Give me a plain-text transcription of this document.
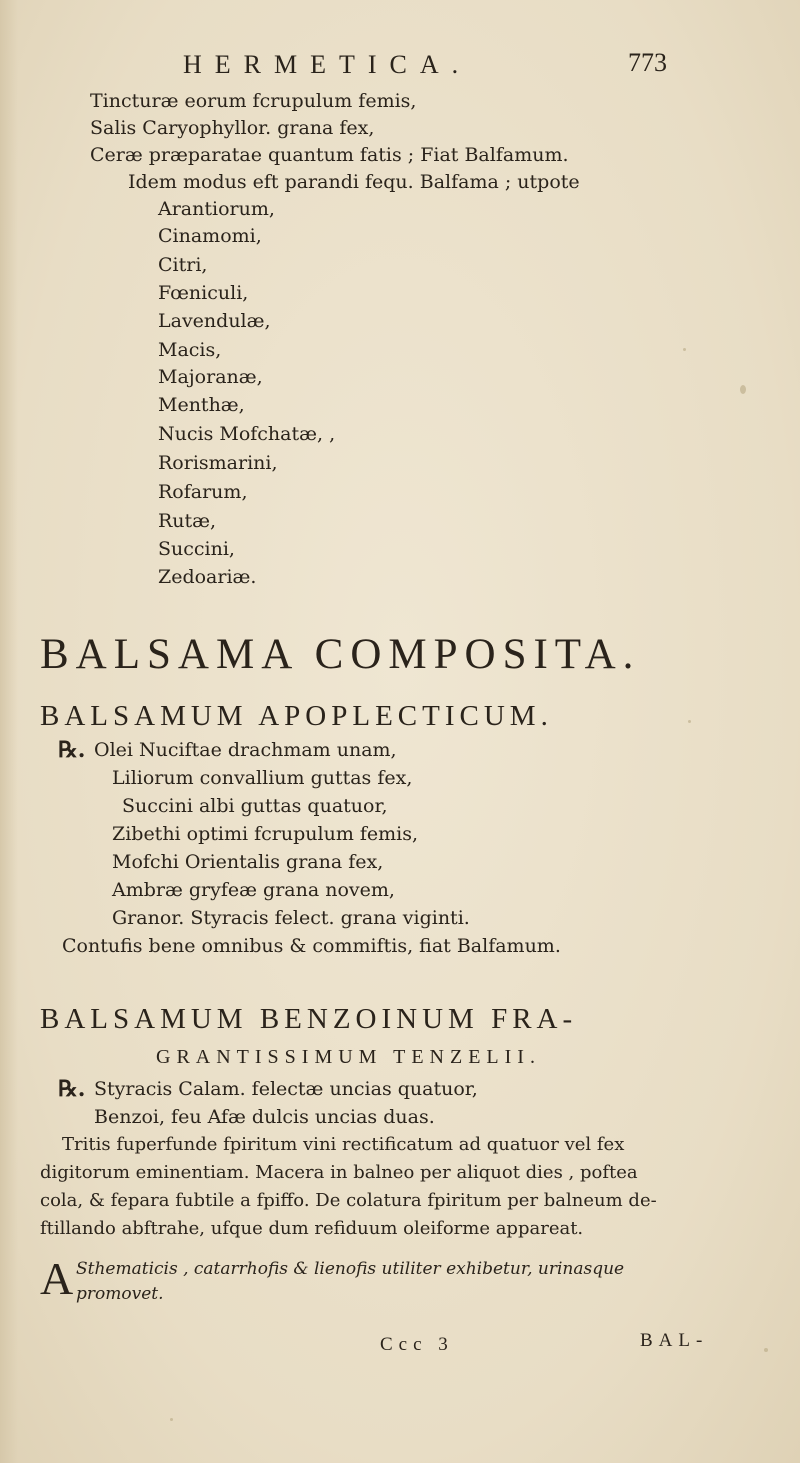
HERMETICA.	773
Tincturæ eorum fcrupulum femis,
Salis Caryophyllor. grana fex,
Ceræ præparatae quantum fatis ; Fiat Balfamum.
Idem modus eft parandi fequ. Balfama ; utpote
Arantiorum,
Cinamomi,
Citri,
Fœniculi,
Lavendulæ,
Macis,
Majoranæ,
Menthæ,
Nucis Mofchatæ, ,
Rorismarini,
Rofarum,
Rutæ,
Succini,
Zedoariæ.
BALSAMA COMPOSITA.
BALSAMUM APOPLECTICUM.
℞. Olei Nuciftae drachmam unam,
Liliorum convallium guttas fex,
Succini albi guttas quatuor,
Zibethi optimi fcrupulum femis,
Mofchi Orientalis grana fex,
Ambræ gryfeæ grana novem,
Granor. Styracis felect. grana viginti.
Contufis bene omnibus & commiftis, fiat Balfamum.
BALSAMUM BENZOINUM FRA-
GRANTISSIMUM TENZELII.
℞. Styracis Calam. felectæ uncias quatuor,
Benzoi, feu Afæ dulcis uncias duas.
Tritis fuperfunde fpiritum vini rectificatum ad quatuor vel fex
digitorum eminentiam. Macera in balneo per aliquot dies , poftea
cola, & fepara fubtile a fpiffo. De colatura fpiritum per balneum de-
ftillando abftrahe, ufque dum refiduum oleiforme appareat.
A Sthematicis , catarrhofis & lienofis utiliter exhibetur, urinasque
promovet.
Ccc 3	BAL-
